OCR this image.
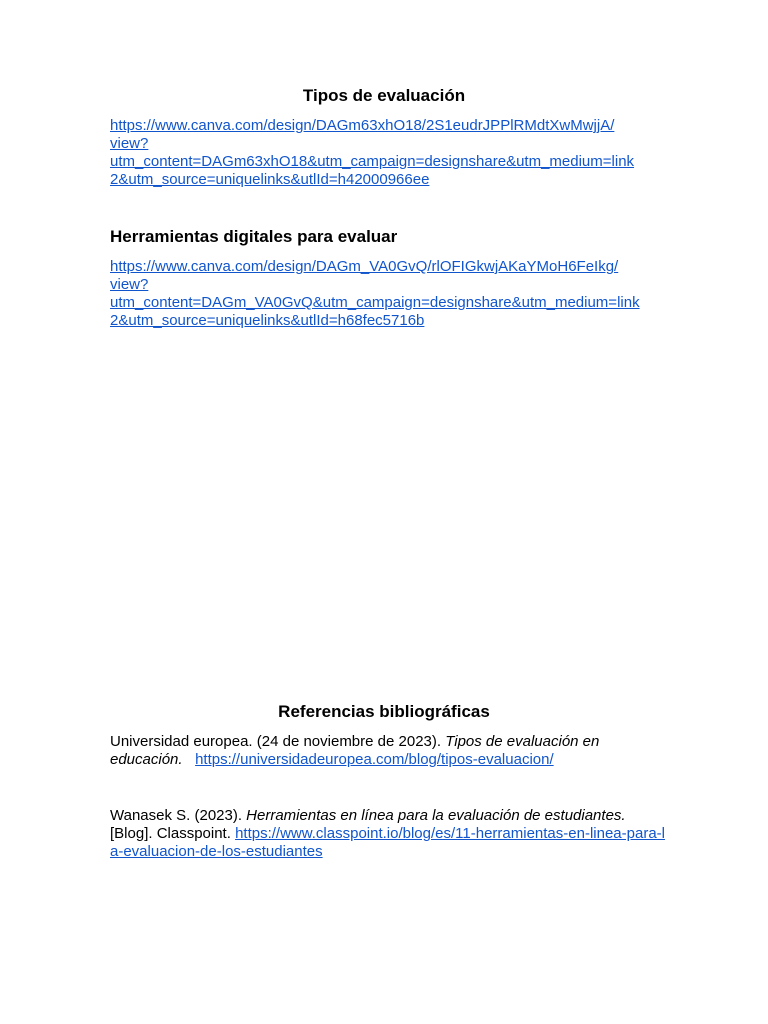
Tipos de evaluación
https://www.canva.com/design/DAGm63xhO18/2S1eudrJPPlRMdtXwMwjjA/
view?
utm_content=DAGm63xhO18&utm_campaign=designshare&utm_medium=link
2&utm_source=uniquelinks&utlId=h42000966ee
Herramientas digitales para evaluar
https://www.canva.com/design/DAGm_VA0GvQ/rlOFIGkwjAKaYMoH6FeIkg/
view?
utm_content=DAGm_VA0GvQ&utm_campaign=designshare&utm_medium=link
2&utm_source=uniquelinks&utlId=h68fec5716b
Referencias bibliográficas

Universidad europea. (24 de noviembre de 2023). Tipos de evaluación en educación. https://universidadeuropea.com/blog/tipos-evaluacion/

Wanasek S. (2023). Herramientas en línea para la evaluación de estudiantes.
[Blog]. Classpoint. https://www.classpoint.io/blog/es/11-herramientas-en-linea-para-la-evaluacion-de-los-estudiantes
